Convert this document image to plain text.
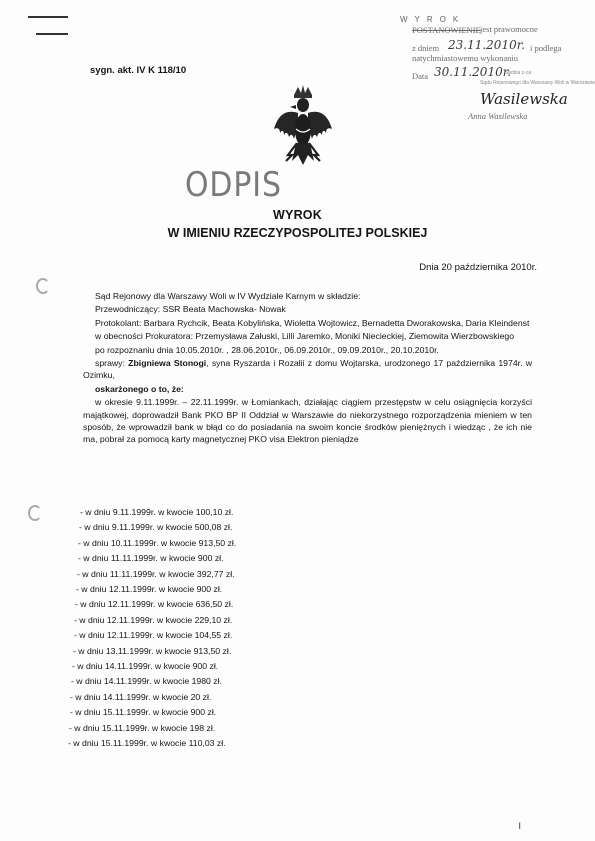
WYROK
POSTANOWIENIE jest prawomocne
z dniem 23.11.2010r. i podlega
natychmiastowemu wykonaniu
Data 30.11.2010r.
Sędzia z-ca
Sądu Rejonowego dla Warszawy Woli w Warszawie
Wasilewska
Anna Wasilewska
sygn. akt. IV K 118/10
ODPIS
WYROK
W IMIENIU RZECZYPOSPOLITEJ POLSKIEJ
Dnia 20 października 2010r.

Sąd Rejonowy dla Warszawy Woli w IV Wydziale Karnym w składzie:

Przewodniczący: SSR Beata Machowska- Nowak

Protokolant: Barbara Rychcik, Beata Kobylińska, Wioletta Wojtowicz, Bernadetta Dworakowska, Daria Kleindenst

w obecności Prokuratora: Przemysława Załuski, Lilli Jaremko, Moniki Niecieckiej, Ziemowita Wierzbowskiego

po rozpoznaniu dnia 10.05.2010r. , 28.06.2010r., 06.09.2010r., 09.09.2010r., 20.10.2010r.

sprawy: Zbigniewa Stonogi, syna Ryszarda i Rozalii z domu Wojtarska, urodzonego 17 października 1974r. w Ozimku,

oskarżonego o to, że:

w okresie 9.11.1999r. – 22.11.1999r. w Łomiankach, działając ciągiem przestępstw w celu osiągnięcia korzyści majątkowej, doprowadził Bank PKO BP II Oddział w Warszawie do niekorzystnego rozporządzenia mieniem w ten sposób, że wprowadził bank w błąd co do posiadania na swoim koncie środków pieniężnych i wiedząc , że ich nie ma, pobrał za pomocą karty magnetycznej PKO visa Elektron pieniądze

- w dniu 9.11.1999r. w kwocie 100,10 zł.
- w dniu 9.11.1999r. w kwocie 500,08 zł.
- w dniu 10.11.1999r. w kwocie 913,50 zł.
- w dniu 11.11.1999r. w kwocie 900 zł.
- w dniu 11.11.1999r. w kwocie 392,77 zł.
- w dniu 12.11.1999r. w kwocie 900 zł.
- w dniu 12.11.1999r. w kwocie 636,50 zł.
- w dniu 12.11.1999r. w kwocie 229,10 zł.
- w dniu 12.11.1999r. w kwocie 104,55 zł.
- w dniu 13.11.1999r. w kwocie 913,50 zł.
- w dniu 14.11.1999r. w kwocie 900 zł.
- w dniu 14.11.1999r. w kwocie 1980 zł.
- w dniu 14.11.1999r. w kwocie 20 zł.
- w dniu 15.11.1999r. w kwocie 900 zł.
- w dniu 15.11.1999r. w kwocie 198 zł.
- w dniu 15.11.1999r. w kwocie 110,03 zł.
ı
